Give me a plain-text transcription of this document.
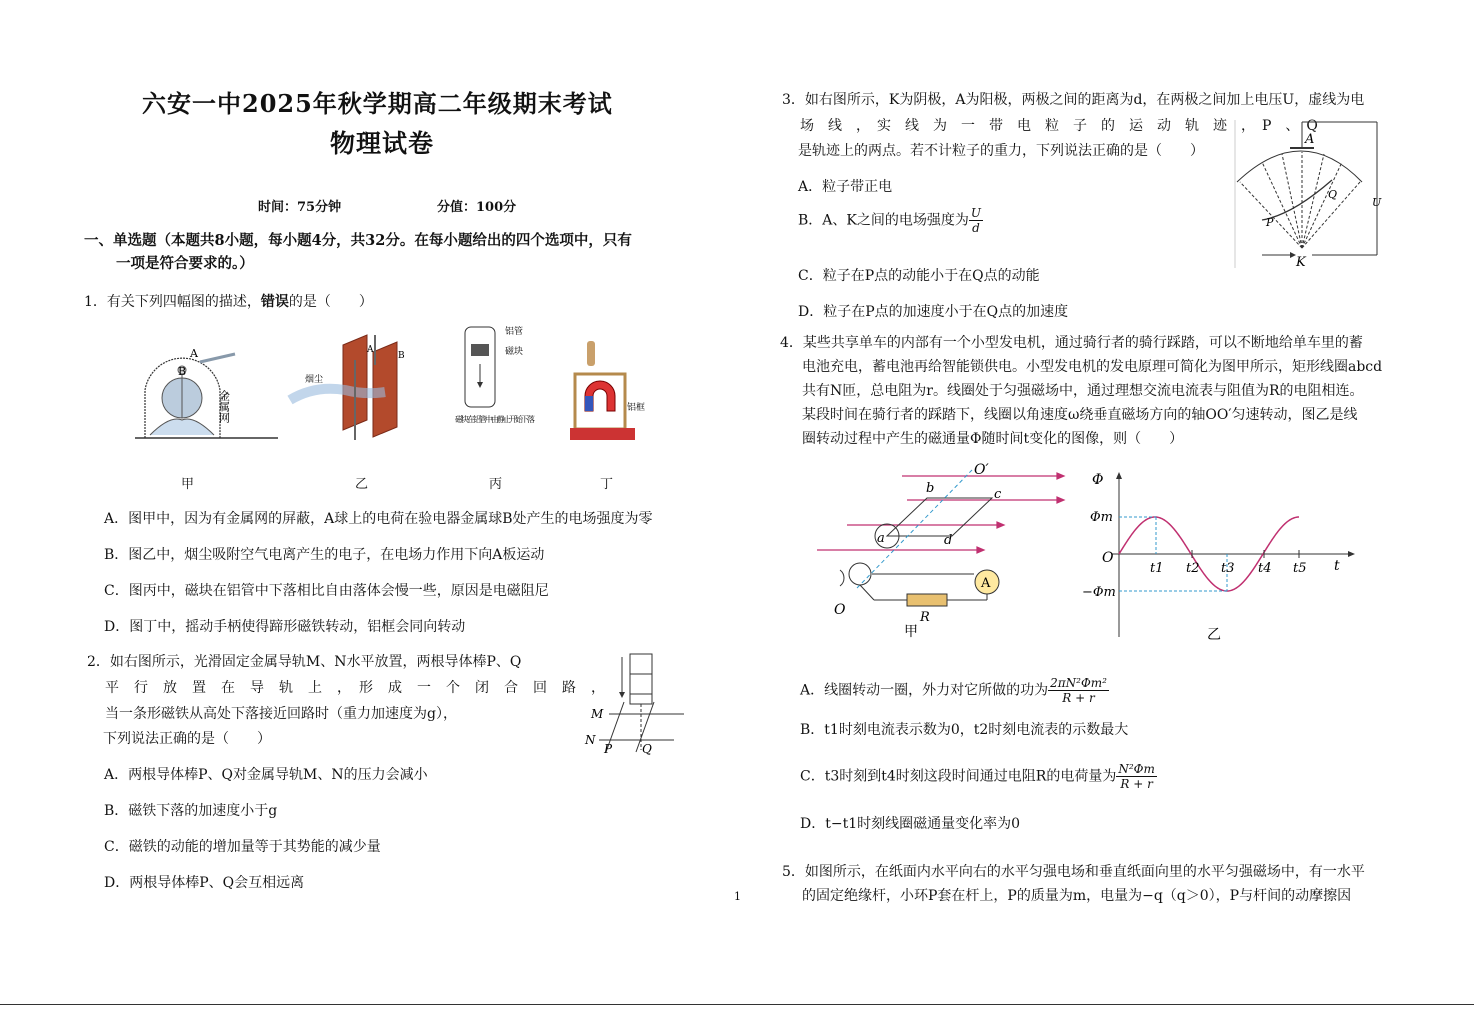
六安一中2025年秋学期高二年级期末考试
物理试卷
时间：75分钟	分值：100分
一、单选题（本题共8小题，每小题4分，共32分。在每小题给出的四个选项中，只有
一项是符合要求的。）
1．有关下列四幅图的描述，错误的是（　　）
A
B
金属网
烟尘
A
B
铝管
磁块
磁块在铝管中由静止开始下落
铝框
甲	乙	丙	丁
A．图甲中，因为有金属网的屏蔽，A球上的电荷在验电器金属球B处产生的电场强度为零
B．图乙中，烟尘吸附空气电离产生的电子，在电场力作用下向A板运动
C．图丙中，磁块在铝管中下落相比自由落体会慢一些，原因是电磁阻尼
D．图丁中，摇动手柄使得蹄形磁铁转动，铝框会同向转动
2．如右图所示，光滑固定金属导轨M、N水平放置，两根导体棒P、Q
平　行　放　置　在　导　轨　上　，　形　成　一　个　闭　合　回　路　，
当一条形磁铁从高处下落接近回路时（重力加速度为g），
下列说法正确的是（　　）
M
N
P Q
A．两根导体棒P、Q对金属导轨M、N的压力会减小
B．磁铁下落的加速度小于g
C．磁铁的动能的增加量等于其势能的减少量
D．两根导体棒P、Q会互相远离
1
3．如右图所示，K为阴极，A为阳极，两极之间的距离为d，在两极之间加上电压U，虚线为电
场　线　，　实　线　为　一　带　电　粒　子　的　运　动　轨　迹　，　P　、　Q
是轨迹上的两点。若不计粒子的重力，下列说法正确的是（　　）
A
K
P
Q
U
A．粒子带正电
B．A、K之间的电场强度为 $\frac{U}{d}$
C．粒子在P点的动能小于在Q点的动能
D．粒子在P点的加速度小于在Q点的加速度
4．某些共享单车的内部有一个小型发电机，通过骑行者的骑行踩踏，可以不断地给单车里的蓄
电池充电，蓄电池再给智能锁供电。小型发电机的发电原理可简化为图甲所示，矩形线圈abcd
共有N匝，总电阻为r。线圈处于匀强磁场中，通过理想交流电流表与阻值为R的电阻相连。
某段时间在骑行者的踩踏下，线圈以角速度ω绕垂直磁场方向的轴OO′匀速转动，图乙是线
圈转动过程中产生的磁通量Φ随时间t变化的图像，则（　　）
O′
O
a
b	c
d
A
R
甲
Φ
Φm
−Φm
O	t
t1 t2 t3 t4 t5
乙
A．线圈转动一圈，外力对它所做的功为 $\frac{\text{2πN²Φm²}}{R + r}$
B．t1时刻电流表示数为0，t2时刻电流表的示数最大
C．t3时刻到t4时刻这段时间通过电阻R的电荷量为 $\frac{\text{N²Φm}}{R + r}$
D．t−t1时刻线圈磁通量变化率为0
5．如图所示，在纸面内水平向右的水平匀强电场和垂直纸面向里的水平匀强磁场中，有一水平
的固定绝缘杆，小环P套在杆上，P的质量为m，电量为−q（q＞0），P与杆间的动摩擦因
